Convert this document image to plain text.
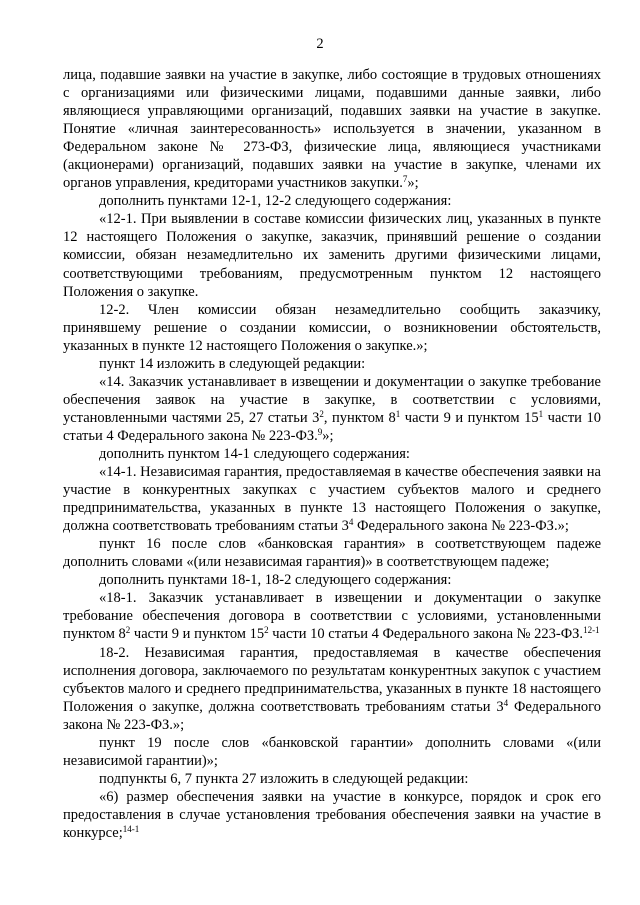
2

лица, подавшие заявки на участие в закупке, либо состоящие в трудовых отношениях с организациями или физическими лицами, подавшими данные заявки, либо являющиеся управляющими организаций, подавших заявки на участие в закупке. Понятие «личная заинтересованность» используется в значении, указанном в Федеральном законе № 273-ФЗ, физические лица, являющиеся участниками (акционерами) организаций, подавших заявки на участие в закупке, членами их органов управления, кредиторами участников закупки.$^7$»;

дополнить пунктами 12-1, 12-2 следующего содержания:

«12-1. При выявлении в составе комиссии физических лиц, указанных в пункте 12 настоящего Положения о закупке, заказчик, принявший решение о создании комиссии, обязан незамедлительно их заменить другими физическими лицами, соответствующими требованиям, предусмотренным пунктом 12 настоящего Положения о закупке.

12-2.   Член   комиссии   обязан   незамедлительно   сообщить   заказчику, принявшему решение о создании комиссии, о возникновении обстоятельств, указанных в пункте 12 настоящего Положения о закупке.»;

пункт 14 изложить в следующей редакции:

«14. Заказчик устанавливает в извещении и документации о закупке требование обеспечения заявок на участие в закупке, в соответствии с условиями, установленными частями 25, 27 статьи $3^2$, пунктом $8^1$ части 9 и пунктом $15^1$ части 10 статьи 4 Федерального закона № 223-ФЗ.$^9$»;

дополнить пунктом 14-1 следующего содержания:

«14-1. Независимая гарантия, предоставляемая в качестве обеспечения заявки на участие в конкурентных закупках с участием субъектов малого и среднего предпринимательства, указанных в пункте 13 настоящего Положения о закупке, должна соответствовать требованиям статьи $3^4$ Федерального закона № 223-ФЗ.»;

пункт 16 после слов «банковская гарантия» в соответствующем падеже дополнить словами «(или независимая гарантия)» в соответствующем падеже;

дополнить пунктами 18-1, 18-2 следующего содержания:

«18-1. Заказчик устанавливает в извещении и документации о закупке требование обеспечения договора в соответствии с условиями, установленными пунктом $8^2$ части 9 и пунктом $15^2$ части 10 статьи 4 Федерального закона № 223-ФЗ.$^{12-1}$

18-2. Независимая гарантия, предоставляемая в качестве обеспечения исполнения договора, заключаемого по результатам конкурентных закупок с участием субъектов малого и среднего предпринимательства, указанных в пункте 18 настоящего Положения о закупке, должна соответствовать требованиям статьи $3^4$ Федерального закона № 223-ФЗ.»;

пункт 19 после слов «банковской гарантии» дополнить словами «(или независимой гарантии)»;

подпункты 6, 7 пункта 27 изложить в следующей редакции:

«6) размер обеспечения заявки на участие в конкурсе, порядок и срок его предоставления в случае установления требования обеспечения заявки на участие в конкурсе;$^{14-1}$
